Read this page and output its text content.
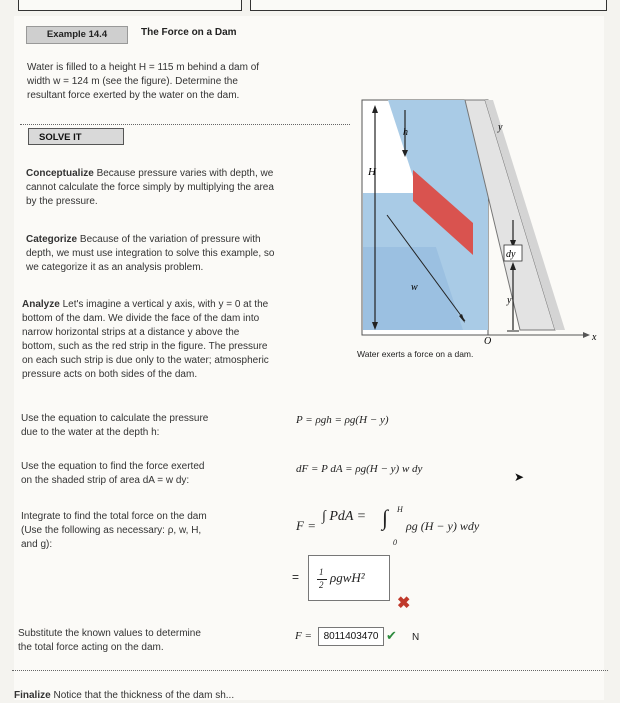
Example 14.4	The Force on a Dam
Water is filled to a height H = 115 m behind a dam of
width w = 124 m (see the figure). Determine the
resultant force exerted by the water on the dam.
SOLVE IT
Conceptualize Because pressure varies with depth, we
cannot calculate the force simply by multiplying the area
by the pressure.
Categorize Because of the variation of pressure with
depth, we must use integration to solve this example, so
we categorize it as an analysis problem.
Analyze Let's imagine a vertical y axis, with y = 0 at the
bottom of the dam. We divide the face of the dam into
narrow horizontal strips at a distance y above the
bottom, such as the red strip in the figure. The pressure
on each such strip is due only to the water; atmospheric
pressure acts on both sides of the dam.
H
h
w
O
y
dy
y
x
Water exerts a force on a dam.
Use the equation to calculate the pressure
due to the water at the depth h:
P = ρgh = ρg(H − y)
Use the equation to find the force exerted
on the shaded strip of area dA = w dy:
dF = P dA = ρg(H − y) w dy
➤
Integrate to find the total force on the dam
(Use the following as necessary: ρ, w, H,
and g):
F =
∫ PdA = ∫ H
0
ρg (H − y) wdy
= 1
2 ρgwH²
✖
Substitute the known values to determine
the total force acting on the dam.
F =	8011403470 ✔ N
Finalize Notice that the thickness of the dam sh...
